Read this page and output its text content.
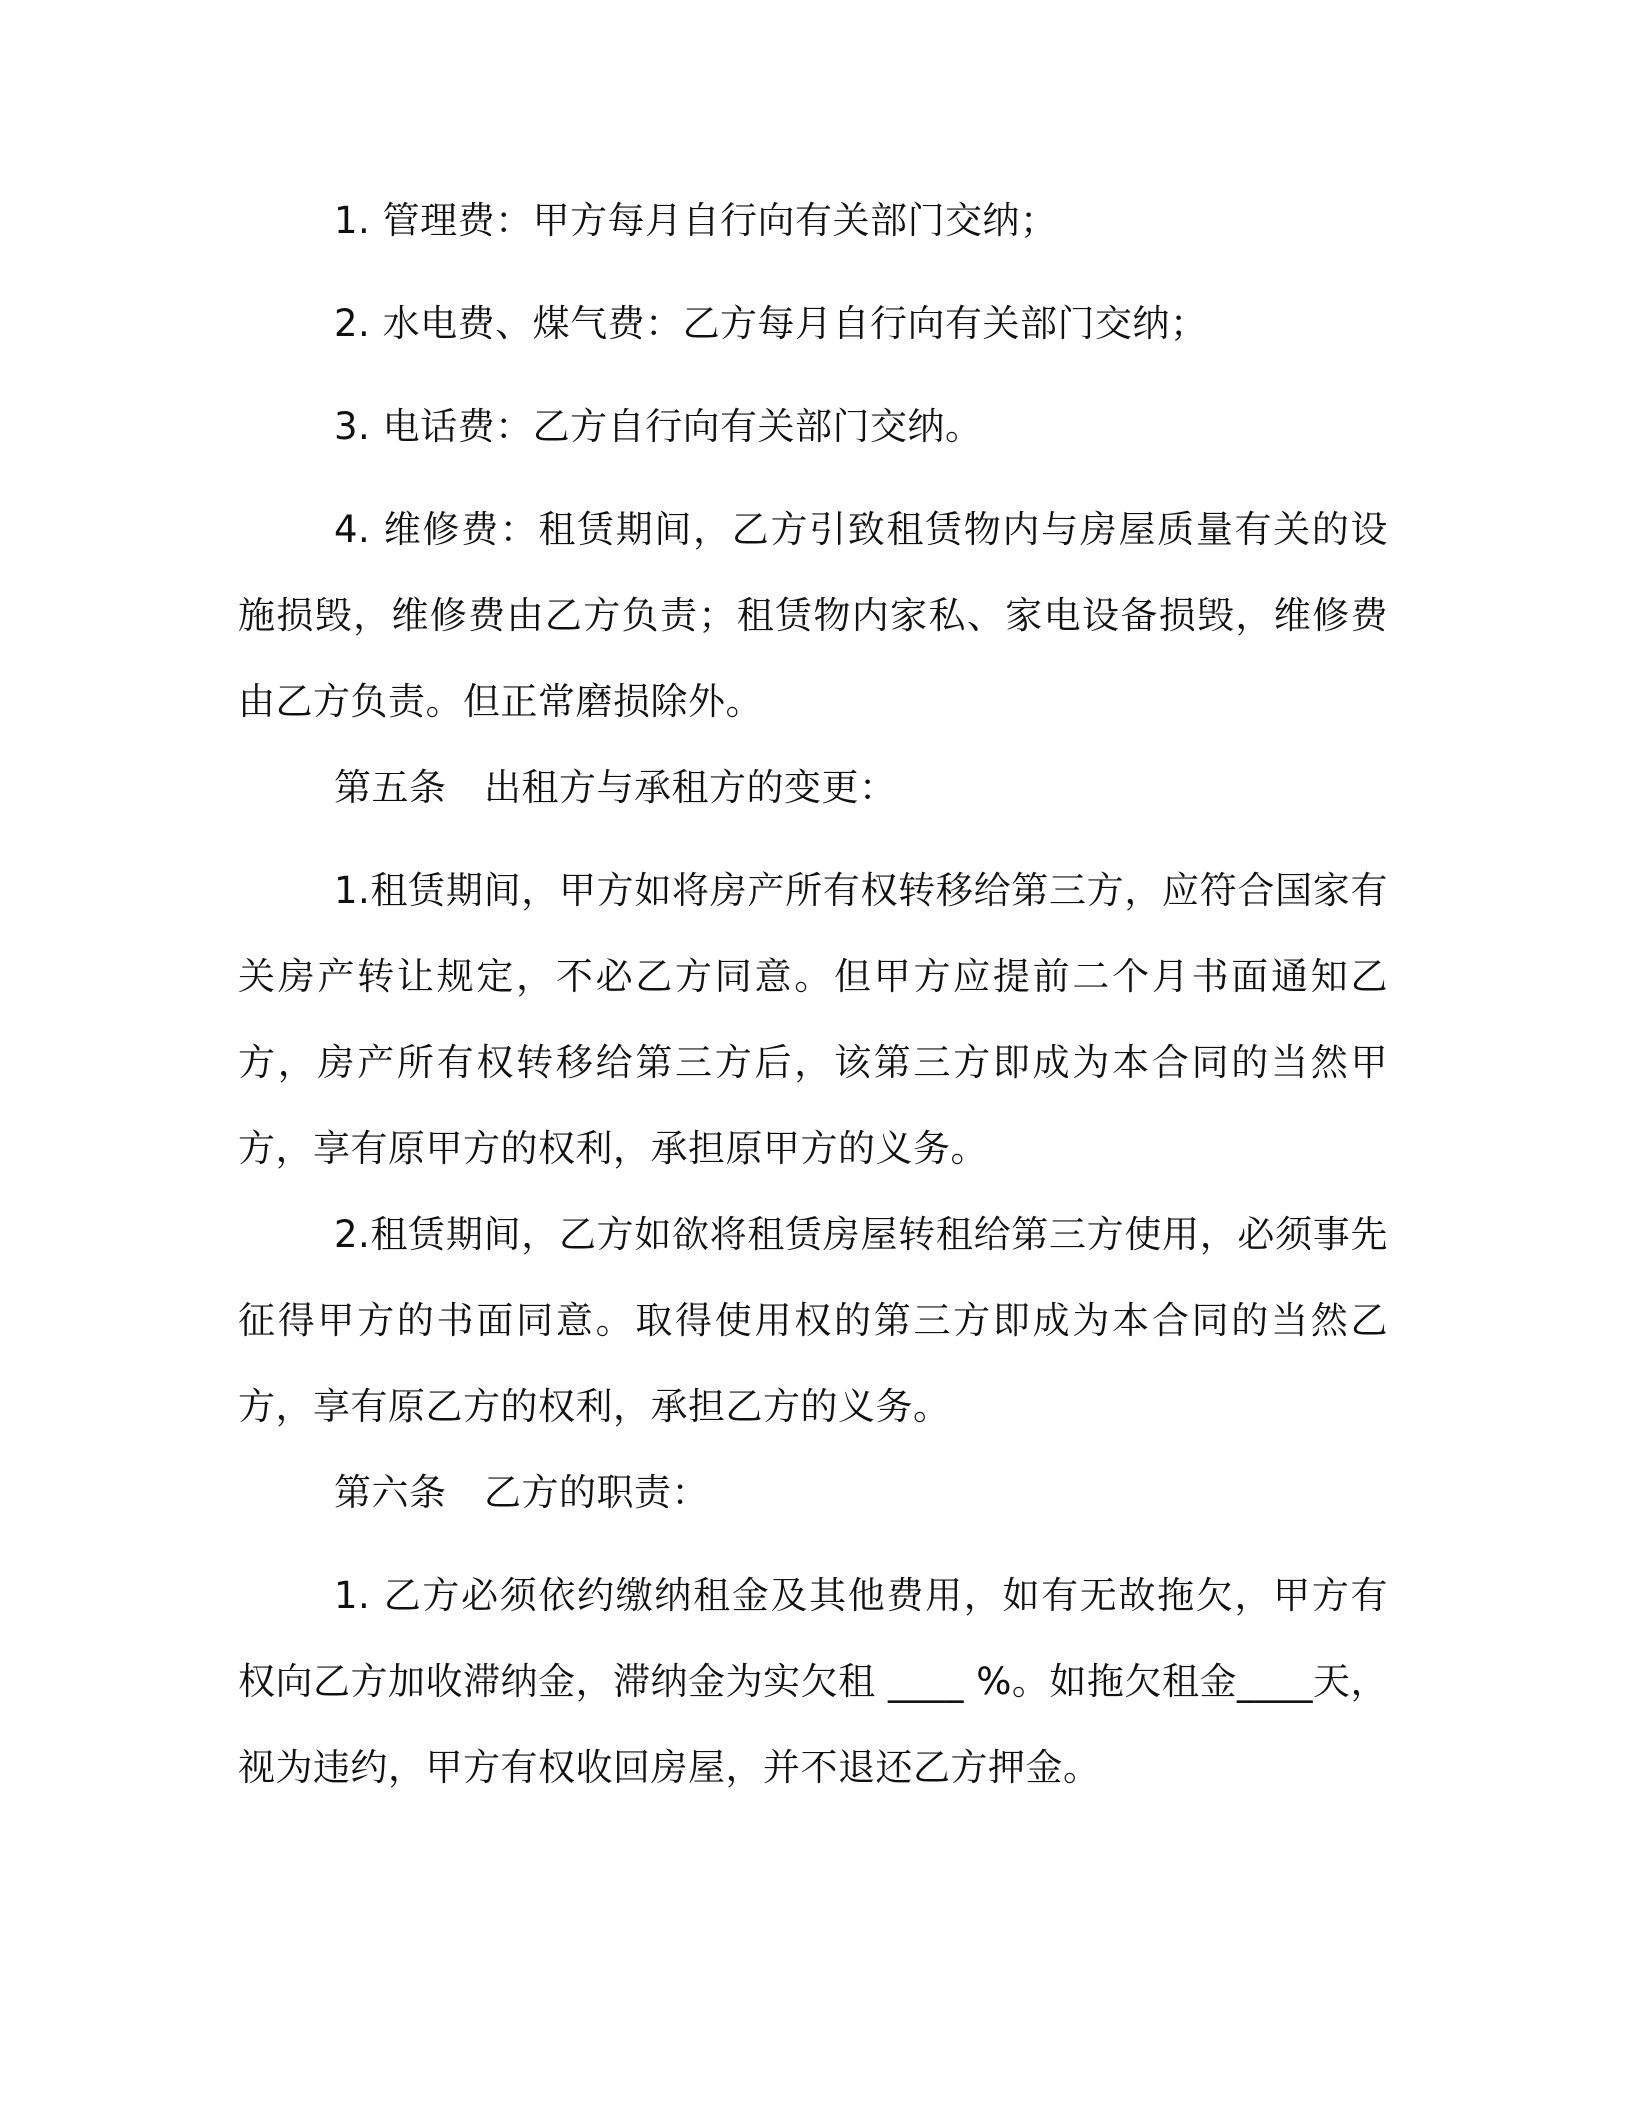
1. 管理费：甲方每月自行向有关部门交纳；

2. 水电费、煤气费：乙方每月自行向有关部门交纳；

3. 电话费：乙方自行向有关部门交纳。

4. 维修费：租赁期间，乙方引致租赁物内与房屋质量有关的设施损毁，维修费由乙方负责；租赁物内家私、家电设备损毁，维修费由乙方负责。但正常磨损除外。

第五条　出租方与承租方的变更：

1.租赁期间，甲方如将房产所有权转移给第三方，应符合国家有关房产转让规定，不必乙方同意。但甲方应提前二个月书面通知乙方，房产所有权转移给第三方后，该第三方即成为本合同的当然甲方，享有原甲方的权利，承担原甲方的义务。

2.租赁期间，乙方如欲将租赁房屋转租给第三方使用，必须事先征得甲方的书面同意。取得使用权的第三方即成为本合同的当然乙方，享有原乙方的权利，承担乙方的义务。

第六条　乙方的职责：

1. 乙方必须依约缴纳租金及其他费用，如有无故拖欠，甲方有权向乙方加收滞纳金，滞纳金为实欠租 ____ %。如拖欠租金____天，视为违约，甲方有权收回房屋，并不退还乙方押金。
